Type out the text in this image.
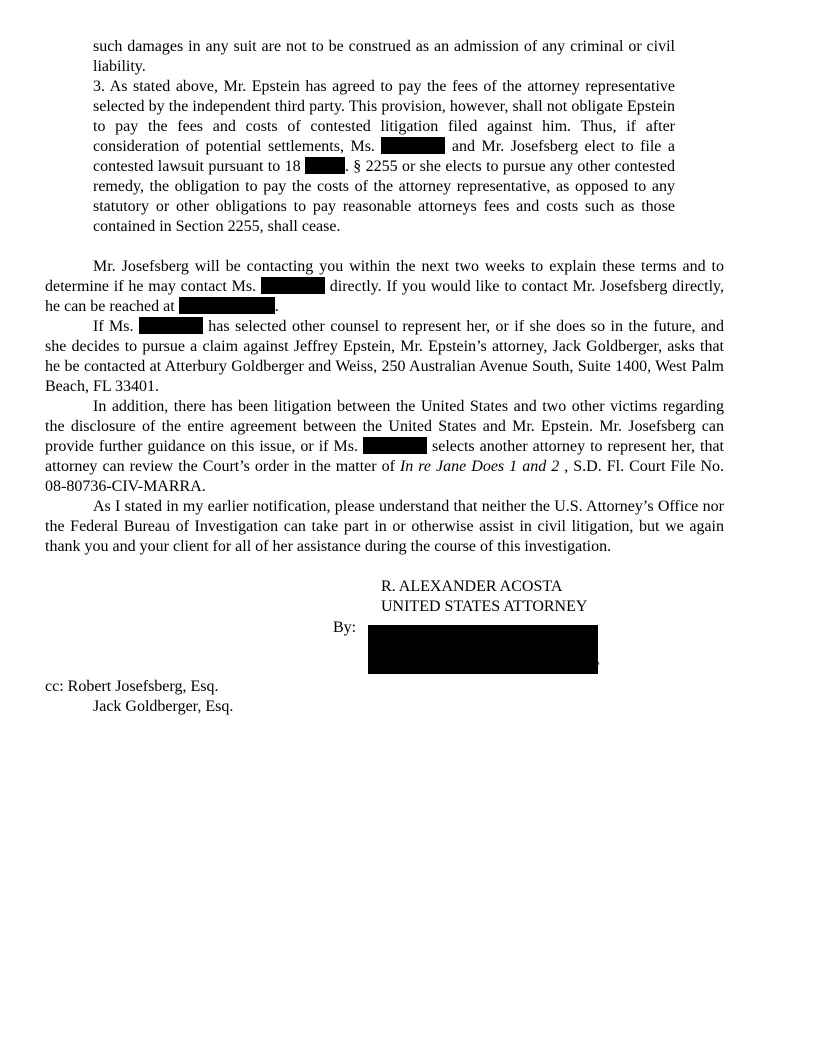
such damages in any suit are not to be construed as an admission of any criminal or civil liability.

3. As stated above, Mr. Epstein has agreed to pay the fees of the attorney representative selected by the independent third party. This provision, however, shall not obligate Epstein to pay the fees and costs of contested litigation filed against him. Thus, if after consideration of potential settlements, Ms.	and Mr. Josefsberg elect to file a contested lawsuit pursuant to 18	. § 2255 or she elects to pursue any other contested remedy, the obligation to pay the costs of the attorney representative, as opposed to any statutory or other obligations to pay reasonable attorneys fees and costs such as those contained in Section 2255, shall cease.

Mr. Josefsberg will be contacting you within the next two weeks to explain these terms and to determine if he may contact Ms.	directly. If you would like to contact Mr. Josefsberg directly, he can be reached at	.

If Ms.	has selected other counsel to represent her, or if she does so in the future, and she decides to pursue a claim against Jeffrey Epstein, Mr. Epstein’s attorney, Jack Goldberger, asks that he be contacted at Atterbury Goldberger and Weiss, 250 Australian Avenue South, Suite 1400, West Palm Beach, FL 33401.

In addition, there has been litigation between the United States and two other victims regarding the disclosure of the entire agreement between the United States and Mr. Epstein. Mr. Josefsberg can provide further guidance on this issue, or if Ms.	selects another attorney to represent her, that attorney can review the Court’s order in the matter of In re Jane Does 1 and 2 , S.D. Fl. Court File No. 08-80736-CIV-MARRA.

As I stated in my earlier notification, please understand that neither the U.S. Attorney’s Office nor the Federal Bureau of Investigation can take part in or otherwise assist in civil litigation, but we again thank you and your client for all of her assistance during the course of this investigation.

R. ALEXANDER ACOSTA
UNITED STATES ATTORNEY
By:
y
cc: Robert Josefsberg, Esq.
Jack Goldberger, Esq.
